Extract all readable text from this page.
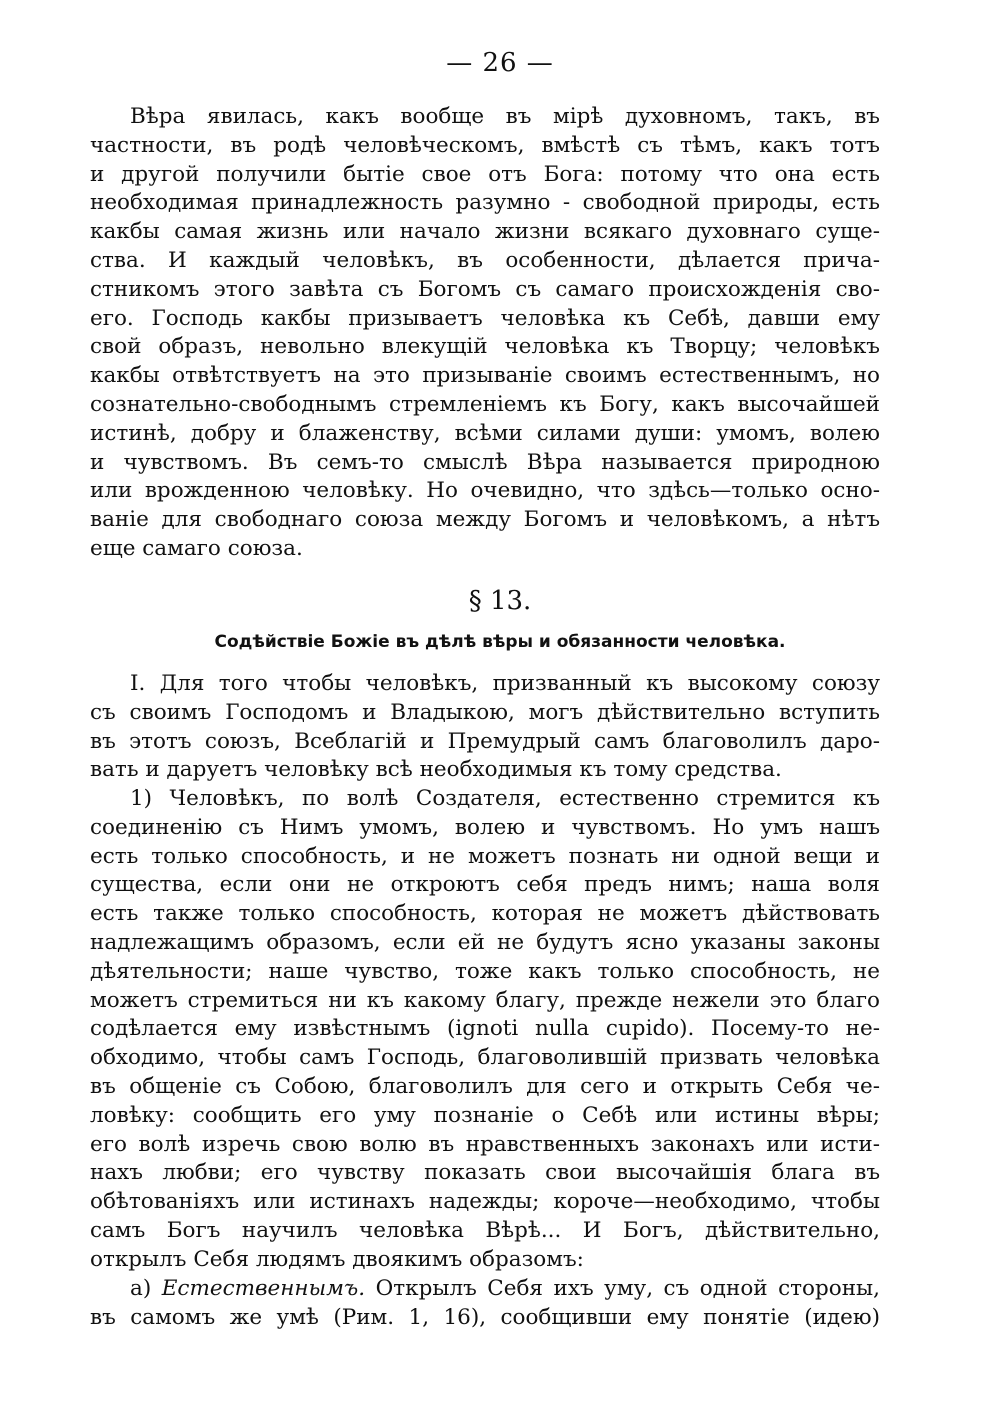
— 26 —
Вѣра явилась, какъ вообще въ мірѣ духовномъ, такъ, въ
частности, въ родѣ человѣческомъ, вмѣстѣ съ тѣмъ, какъ тотъ
и другой получили бытіе свое отъ Бога: потому что она есть
необходимая принадлежность разумно - свободной природы, есть
какбы самая жизнь или начало жизни всякаго духовнаго суще-
ства. И каждый человѣкъ, въ особенности, дѣлается прича-
стникомъ этого завѣта съ Богомъ съ самаго происхожденія сво-
его. Господь какбы призываетъ человѣка къ Себѣ, давши ему
свой образъ, невольно влекущій человѣка къ Творцу; человѣкъ
какбы отвѣтствуетъ на это призываніе своимъ естественнымъ, но
сознательно-свободнымъ стремленіемъ къ Богу, какъ высочайшей
истинѣ, добру и блаженству, всѣми силами души: умомъ, волею
и чувствомъ. Въ семъ-то смыслѣ Вѣра называется природною
или врожденною человѣку. Но очевидно, что здѣсь—только осно-
ваніе для свободнаго союза между Богомъ и человѣкомъ, а нѣтъ
еще самаго союза.
§ 13.
Содѣйствіе Божіе въ дѣлѣ вѣры и обязанности человѣка.
I. Для того чтобы человѣкъ, призванный къ высокому союзу
съ своимъ Господомъ и Владыкою, могъ дѣйствительно вступить
въ этотъ союзъ, Всеблагій и Премудрый самъ благоволилъ даро-
вать и даруетъ человѣку всѣ необходимыя къ тому средства.
1) Человѣкъ, по волѣ Создателя, естественно стремится къ
соединенію съ Нимъ умомъ, волею и чувствомъ. Но умъ нашъ
есть только способность, и не можетъ познать ни одной вещи и
существа, если они не откроютъ себя предъ нимъ; наша воля
есть также только способность, которая не можетъ дѣйствовать
надлежащимъ образомъ, если ей не будутъ ясно указаны законы
дѣятельности; наше чувство, тоже какъ только способность, не
можетъ стремиться ни къ какому благу, прежде нежели это благо
содѣлается ему извѣстнымъ (ignoti nulla cupido). Посему-то не-
обходимо, чтобы самъ Господь, благоволившій призвать человѣка
въ общеніе съ Собою, благоволилъ для сего и открыть Себя че-
ловѣку: сообщить его уму познаніе о Себѣ или истины вѣры;
его волѣ изречь свою волю въ нравственныхъ законахъ или исти-
нахъ любви; его чувству показать свои высочайшія блага въ
обѣтованіяхъ или истинахъ надежды; короче—необходимо, чтобы
самъ Богъ научилъ человѣка Вѣрѣ... И Богъ, дѣйствительно,
открылъ Себя людямъ двоякимъ образомъ:
а) Естественнымъ. Открылъ Себя ихъ уму, съ одной стороны,
въ самомъ же умѣ (Рим. 1, 16), сообщивши ему понятіе (идею)
